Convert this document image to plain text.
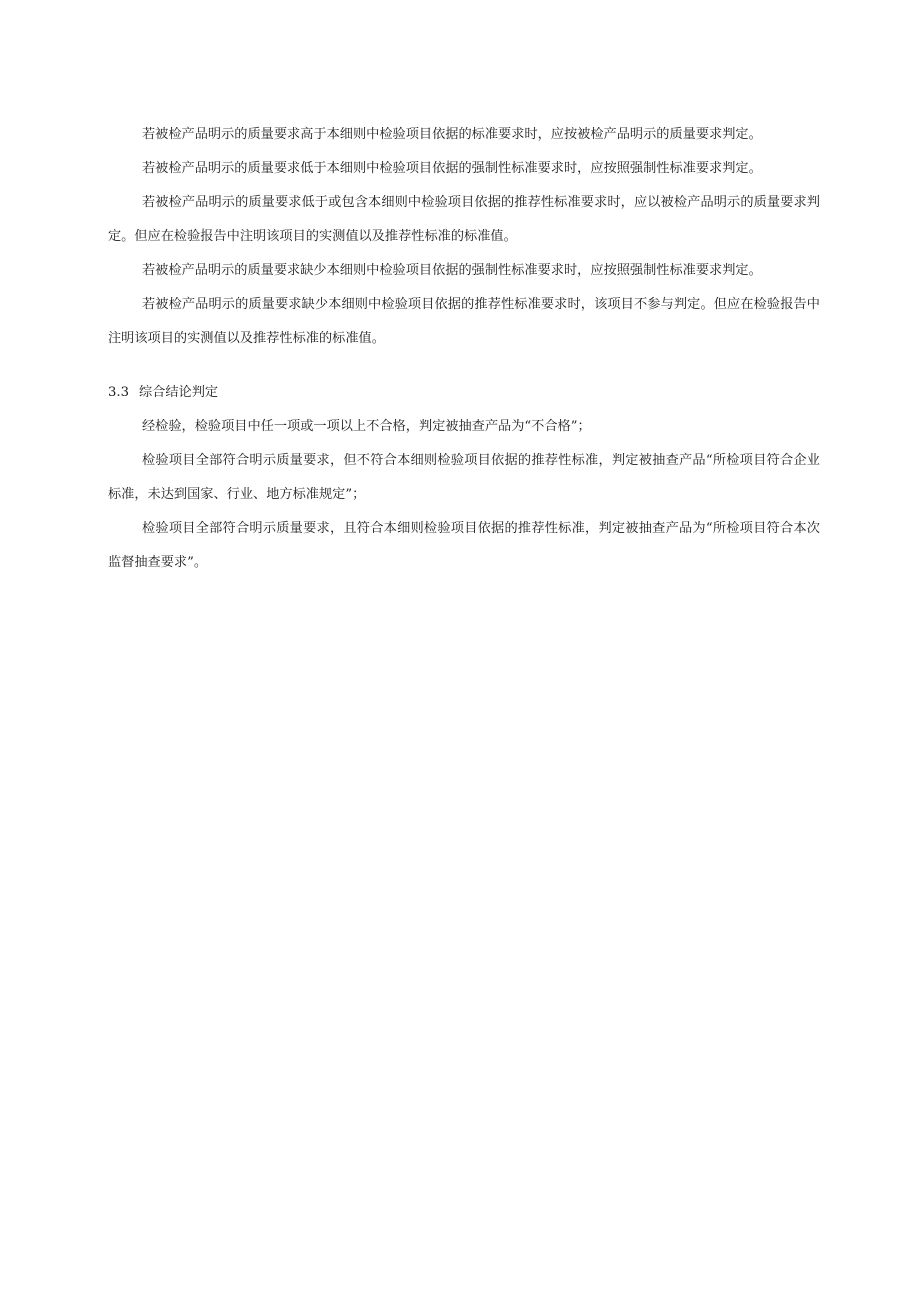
若被检产品明示的质量要求高于本细则中检验项目依据的标准要求时，应按被检产品明示的质量要求判定。

若被检产品明示的质量要求低于本细则中检验项目依据的强制性标准要求时，应按照强制性标准要求判定。

若被检产品明示的质量要求低于或包含本细则中检验项目依据的推荐性标准要求时，应以被检产品明示的质量要求判定。但应在检验报告中注明该项目的实测值以及推荐性标准的标准值。

若被检产品明示的质量要求缺少本细则中检验项目依据的强制性标准要求时，应按照强制性标准要求判定。

若被检产品明示的质量要求缺少本细则中检验项目依据的推荐性标准要求时，该项目不参与判定。但应在检验报告中注明该项目的实测值以及推荐性标准的标准值。

3.3 综合结论判定

经检验，检验项目中任一项或一项以上不合格，判定被抽查产品为“不合格”；

检验项目全部符合明示质量要求，但不符合本细则检验项目依据的推荐性标准，判定被抽查产品“所检项目符合企业标准，未达到国家、行业、地方标准规定”；

检验项目全部符合明示质量要求，且符合本细则检验项目依据的推荐性标准，判定被抽查产品为“所检项目符合本次监督抽查要求”。
